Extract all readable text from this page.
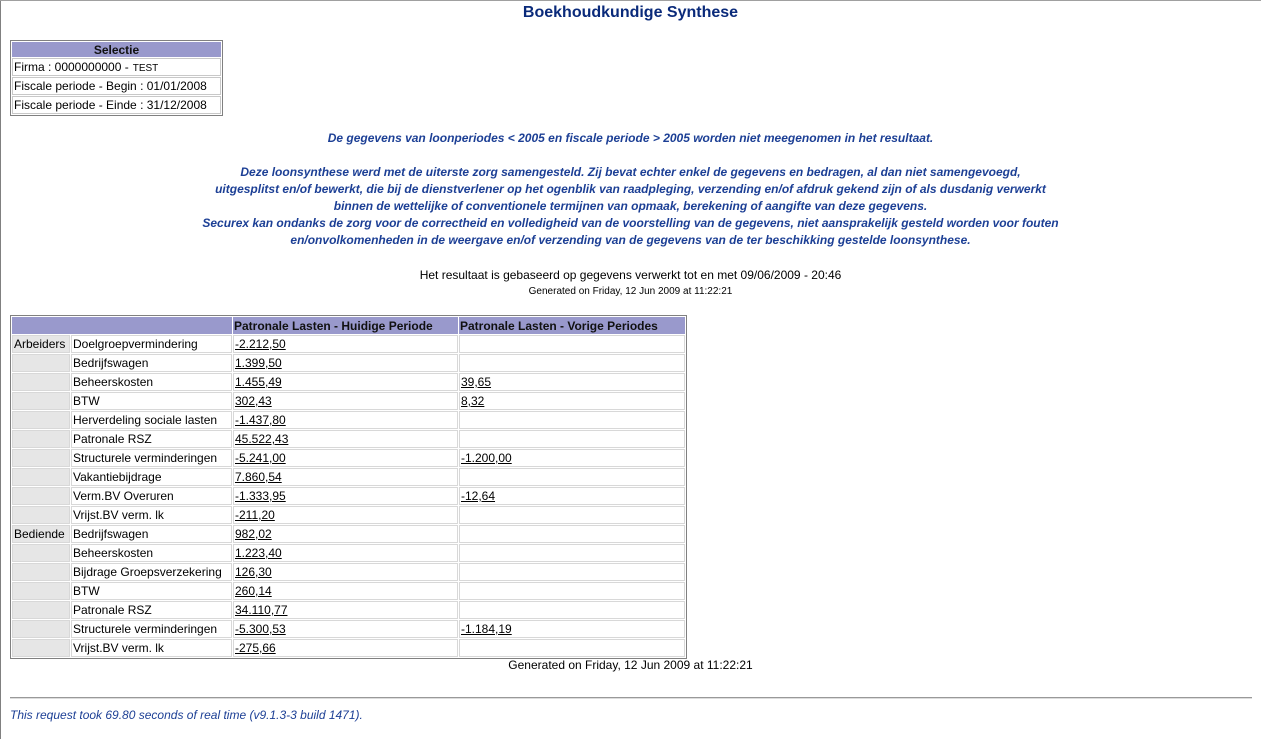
Boekhoudkundige Synthese
Selectie
Firma : 0000000000 - TEST
Fiscale periode - Begin : 01/01/2008
Fiscale periode - Einde : 31/12/2008
De gegevens van loonperiodes < 2005 en fiscale periode > 2005 worden niet meegenomen in het resultaat.
Deze loonsynthese werd met de uiterste zorg samengesteld. Zij bevat echter enkel de gegevens en bedragen, al dan niet samengevoegd,
uitgesplitst en/of bewerkt, die bij de dienstverlener op het ogenblik van raadpleging, verzending en/of afdruk gekend zijn of als dusdanig verwerkt
binnen de wettelijke of conventionele termijnen van opmaak, berekening of aangifte van deze gegevens.
Securex kan ondanks de zorg voor de correctheid en volledigheid van de voorstelling van de gegevens, niet aansprakelijk gesteld worden voor fouten
en/onvolkomenheden in de weergave en/of verzending van de gegevens van de ter beschikking gestelde loonsynthese.
Het resultaat is gebaseerd op gegevens verwerkt tot en met 09/06/2009 - 20:46
Generated on Friday, 12 Jun 2009 at 11:22:21
		Patronale Lasten - Huidige Periode	Patronale Lasten - Vorige Periodes
Arbeiders	Doelgroepvermindering	-2.212,50	
	Bedrijfswagen	1.399,50	
	Beheerskosten	1.455,49	39,65
	BTW	302,43	8,32
	Herverdeling sociale lasten	-1.437,80	
	Patronale RSZ	45.522,43	
	Structurele verminderingen	-5.241,00	-1.200,00
	Vakantiebijdrage	7.860,54	
	Verm.BV Overuren	-1.333,95	-12,64
	Vrijst.BV verm. lk	-211,20	
Bediende	Bedrijfswagen	982,02	
	Beheerskosten	1.223,40	
	Bijdrage Groepsverzekering	126,30	
	BTW	260,14	
	Patronale RSZ	34.110,77	
	Structurele verminderingen	-5.300,53	-1.184,19
	Vrijst.BV verm. lk	-275,66	
Generated on Friday, 12 Jun 2009 at 11:22:21
This request took 69.80 seconds of real time (v9.1.3-3 build 1471).
